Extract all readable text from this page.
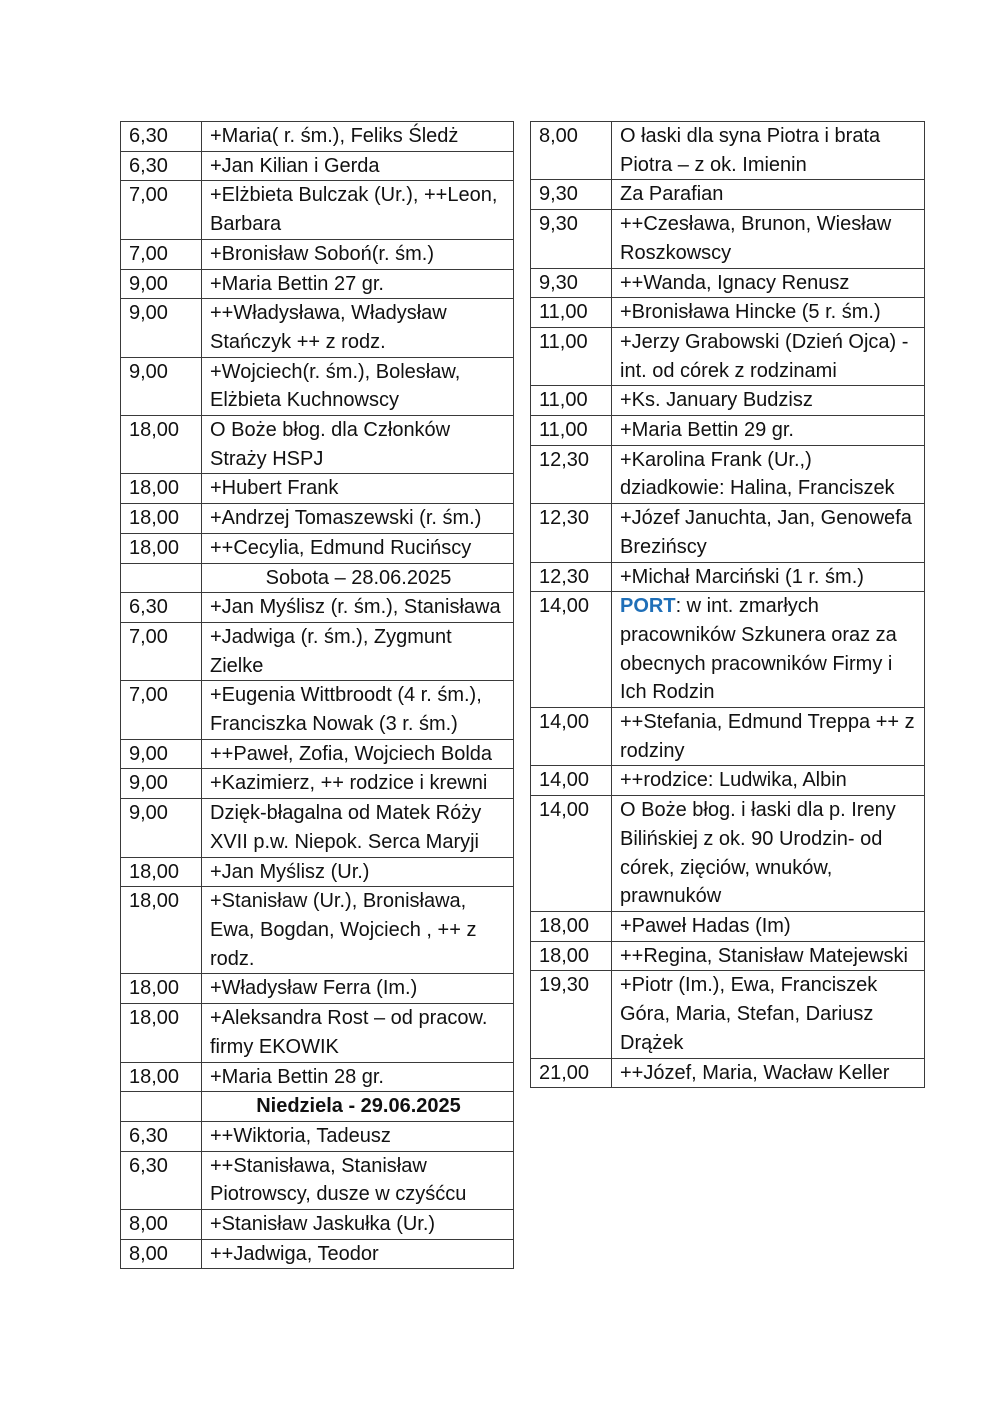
6,30	+Maria( r. śm.), Feliks Śledż
6,30	+Jan Kilian i Gerda
7,00	+Elżbieta Bulczak (Ur.), ++Leon, Barbara
7,00	+Bronisław Soboń(r. śm.)
9,00	+Maria Bettin 27 gr.
9,00	++Władysława, Władysław Stańczyk ++ z rodz.
9,00	+Wojciech(r. śm.), Bolesław, Elżbieta Kuchnowscy
18,00	O Boże błog. dla Członków Straży HSPJ
18,00	+Hubert Frank
18,00	+Andrzej Tomaszewski (r. śm.)
18,00	++Cecylia, Edmund Rucińscy
	Sobota – 28.06.2025
6,30	+Jan Myślisz (r. śm.), Stanisława
7,00	+Jadwiga (r. śm.), Zygmunt Zielke
7,00	+Eugenia Wittbroodt (4 r. śm.), Franciszka Nowak (3 r. śm.)
9,00	++Paweł, Zofia, Wojciech Bolda
9,00	+Kazimierz, ++ rodzice i krewni
9,00	Dzięk-błagalna od Matek Róży XVII p.w. Niepok. Serca Maryji
18,00	+Jan Myślisz (Ur.)
18,00	+Stanisław (Ur.), Bronisława, Ewa, Bogdan, Wojciech , ++ z rodz.
18,00	+Władysław Ferra (Im.)
18,00	+Aleksandra Rost – od pracow. firmy EKOWIK
18,00	+Maria Bettin 28 gr.
	Niedziela - 29.06.2025
6,30	++Wiktoria, Tadeusz
6,30	++Stanisława, Stanisław Piotrowscy, dusze w czyśćcu
8,00	+Stanisław Jaskułka (Ur.)
8,00	++Jadwiga, Teodor
8,00	O łaski dla syna Piotra i brata Piotra – z ok. Imienin
9,30	Za Parafian
9,30	++Czesława, Brunon, Wiesław Roszkowscy
9,30	++Wanda, Ignacy Renusz
11,00	+Bronisława Hincke (5 r. śm.)
11,00	+Jerzy Grabowski (Dzień Ojca) - int. od córek z rodzinami
11,00	+Ks. January Budzisz
11,00	+Maria Bettin 29 gr.
12,30	+Karolina Frank (Ur.,) dziadkowie: Halina, Franciszek
12,30	+Józef Januchta, Jan, Genowefa Brezińscy
12,30	+Michał Marciński (1 r. śm.)
14,00	PORT: w int. zmarłych pracowników Szkunera oraz za obecnych pracowników Firmy i Ich Rodzin
14,00	++Stefania, Edmund Treppa ++ z rodziny
14,00	++rodzice: Ludwika, Albin
14,00	O Boże błog. i łaski dla p. Ireny Bilińskiej z ok. 90 Urodzin- od córek, zięciów, wnuków, prawnuków
18,00	+Paweł Hadas (Im)
18,00	++Regina, Stanisław Matejewski
19,30	+Piotr (Im.), Ewa, Franciszek Góra, Maria, Stefan, Dariusz Drążek
21,00	++Józef, Maria, Wacław Keller
